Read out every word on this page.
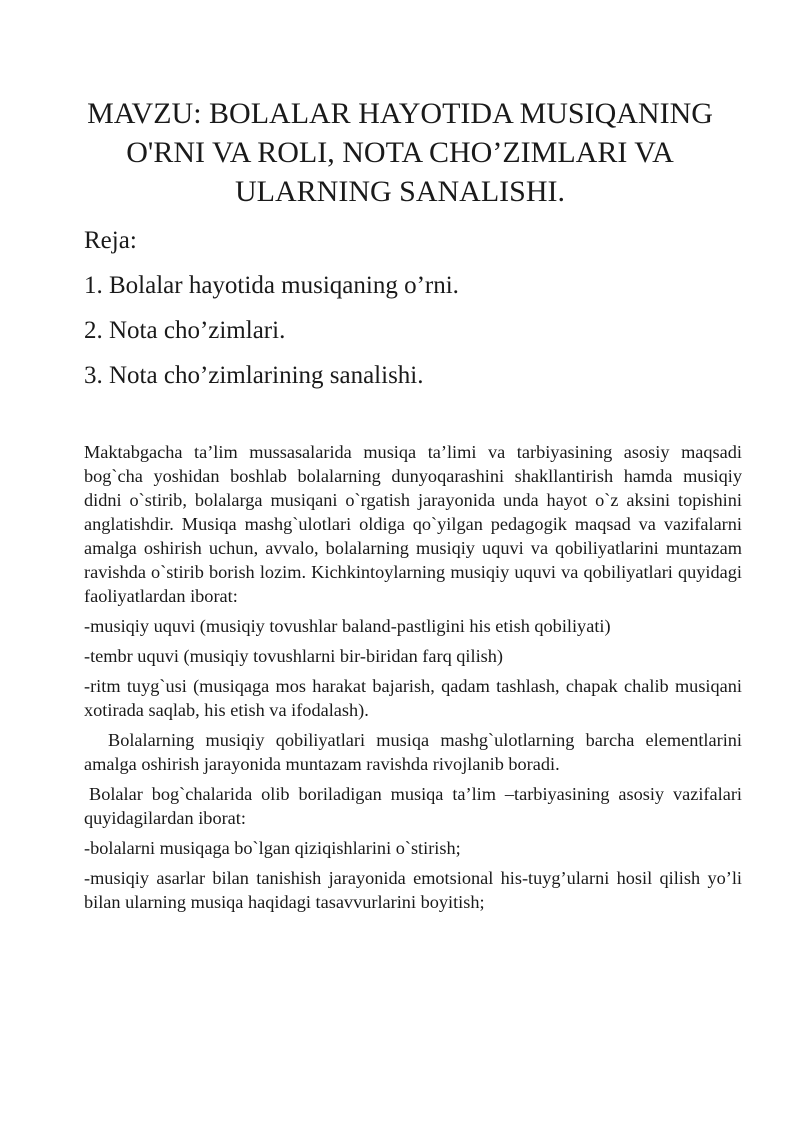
MAVZU: BOLALAR HAYOTIDA MUSIQANING O'RNI VA ROLI, NOTA CHO’ZIMLARI VA ULARNING SANALISHI.
Reja:
1. Bolalar hayotida musiqaning o’rni.
2. Nota cho’zimlari.
3. Nota cho’zimlarining sanalishi.

Maktabgacha ta’lim mussasalarida musiqa ta’limi va tarbiyasining asosiy maqsadi bog`cha yoshidan boshlab bolalarning dunyoqarashini shakllantirish hamda musiqiy didni o`stirib, bolalarga musiqani o`rgatish jarayonida unda hayot o`z aksini topishini anglatishdir. Musiqa mashg`ulotlari oldiga qo`yilgan pedagogik maqsad va vazifalarni amalga oshirish uchun, avvalo, bolalarning musiqiy uquvi va qobiliyatlarini muntazam ravishda o`stirib borish lozim. Kichkintoylarning musiqiy uquvi va qobiliyatlari quyidagi faoliyatlardan iborat:

-musiqiy uquvi (musiqiy tovushlar baland-pastligini his etish qobiliyati)

-tembr uquvi (musiqiy tovushlarni bir-biridan farq qilish)

-ritm tuyg`usi (musiqaga mos harakat bajarish, qadam tashlash, chapak chalib musiqani xotirada saqlab, his etish va ifodalash).

Bolalarning musiqiy qobiliyatlari musiqa mashg`ulotlarning barcha elementlarini amalga oshirish jarayonida muntazam ravishda rivojlanib boradi.

Bolalar bog`chalarida olib boriladigan musiqa ta’lim –tarbiyasining asosiy vazifalari quyidagilardan iborat:

-bolalarni musiqaga bo`lgan qiziqishlarini o`stirish;

-musiqiy asarlar bilan tanishish jarayonida emotsional his-tuyg’ularni hosil qilish yo’li bilan ularning musiqa haqidagi tasavvurlarini boyitish;
